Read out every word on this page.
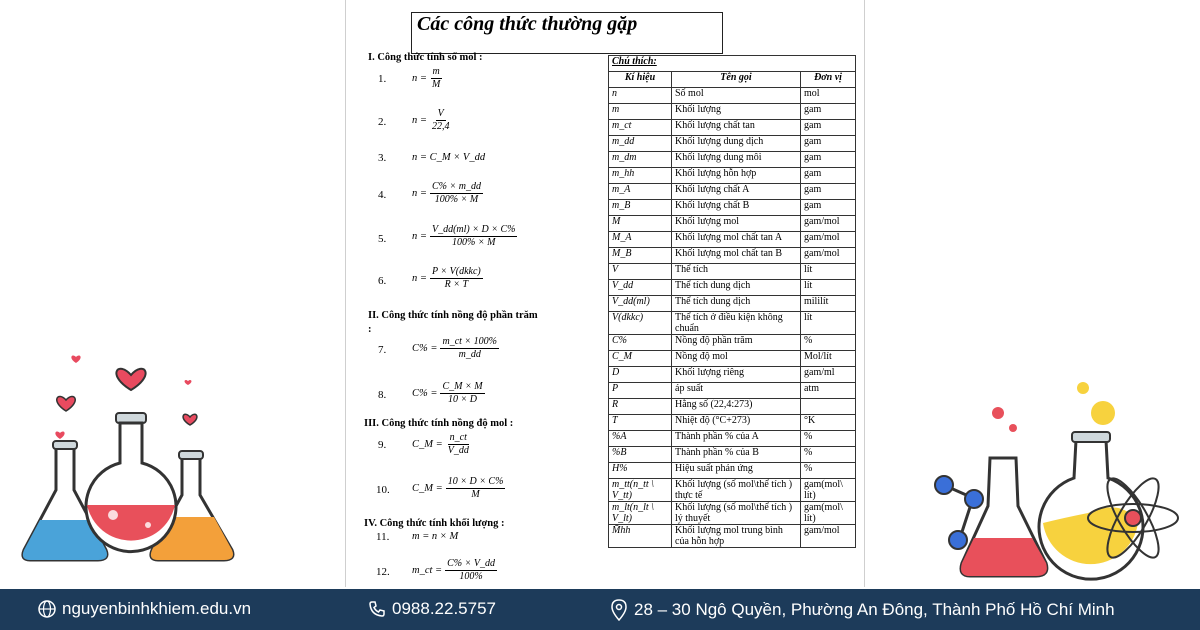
Các công thức thường gặp
I. Công thức tính số mol :
II. Công thức tính nồng độ phần trăm :
III. Công thức tính nồng độ mol :
IV. Công thức tính khối lượng :
1. $n = \frac{m}{M}$
2. $n = \frac{V}{22,4}$
3. n = C_M × V_dd
4. $n = \frac{C\% \times m\_dd}{100\% \times M}$
5. $n = \frac{V\_dd(ml) \times D \times C\%}{100\% \times M}$
6. $n = \frac{\text{P × V(dkkc)}}{R \times T}$
7. $C\% = \frac{m\_ct \times 100\%}{m\_dd}$
8. $C\% = \frac{C\_M \times M}{10 \times D}$
9. C_M = $\frac{n\_ct}{V\_dd}$
10. C_M = $\frac{10 \times D \times C\%}{M}$
11. m = n × M
12. m_ct = $\frac{C\% \times V\_dd}{100\%}$
Chú thích:		
Kí hiệu	Tên gọi	Đơn vị
n	Số mol	mol
m	Khối lượng	gam
m_ct	Khối lượng chất tan	gam
m_dd	Khối lượng dung dịch	gam
m_dm	Khối lượng dung môi	gam
m_hh	Khối lượng hỗn hợp	gam
m_A	Khối lượng chất A	gam
m_B	Khối lượng chất B	gam
M	Khối lượng mol	gam/mol
M_A	Khối lượng mol chất tan A	gam/mol
M_B	Khối lượng mol chất tan B	gam/mol
V	Thể tích	lít
V_dd	Thể tích dung dịch	lít
V_dd(ml)	Thể tích dung dịch	mililít
V(dkkc)	Thể tích ở điều kiện không chuẩn	lít
C%	Nồng độ phần trăm	%
C_M	Nồng độ mol	Mol/lít
D	Khối lượng riêng	gam/ml
P	áp suất	atm
R	Hằng số (22,4:273)	
T	Nhiệt độ (°C+273)	°K
%A	Thành phần % của A	%
%B	Thành phần % của B	%
H%	Hiệu suất phản ứng	%
m_tt(n_tt \ V_tt)	Khối lượng (số mol\thể tích ) thực tế	gam(mol\ lít)
m_lt(n_lt \ V_lt)	Khối lượng (số mol\thể tích ) lý thuyết	gam(mol\ lít)
M̄hh	Khối lượng mol trung bình của hỗn hợp	gam/mol
nguyenbinhkhiem.edu.vn	0988.22.5757	28 – 30 Ngô Quyền, Phường An Đông, Thành Phố Hồ Chí Minh
